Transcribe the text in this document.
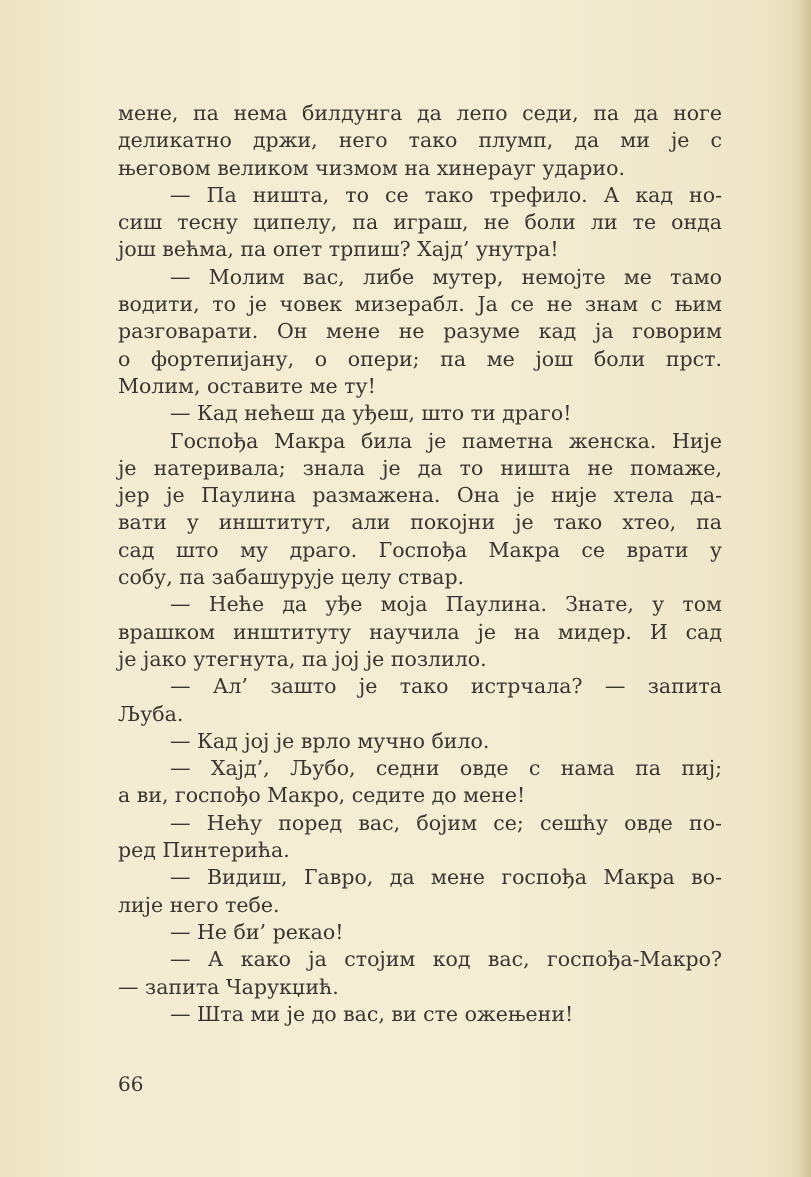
мене, па нема билдунга да лепо седи, па да ноге
деликатно држи, него тако плумп, да ми је с
његовом великом чизмом на хинерауг ударио.
— Па ништа, то се тако трефило. А кад но-
сиш тесну ципелу, па играш, не боли ли те онда
још већма, па опет трпиш? Хајд’ унутра!
— Молим вас, либе мутер, немојте ме тамо
водити, то је човек мизерабл. Ја се не знам с њим
разговарати. Он мене не разуме кад ја говорим
о фортепијану, о опери; па ме још боли прст.
Молим, оставите ме ту!
— Кад нећеш да уђеш, што ти драго!
Госпођа Макра била је паметна женска. Није
је натеривала; знала је да то ништа не помаже,
јер је Паулина размажена. Она је није хтела да-
вати у инштитут, али покојни је тако хтео, па
сад што му драго. Госпођа Макра се врати у
собу, па забашурује целу ствар.
— Неће да уђе моја Паулина. Знате, у том
врашком инштитуту научила је на мидер. И сад
је јако утегнута, па јој је позлило.
— Ал’ зашто је тако истрчала? — запита
Љуба.
— Кад јој је врло мучно било.
— Хајд’, Љубо, седни овде с нама па пиј;
а ви, госпођо Макро, седите до мене!
— Нећу поред вас, бојим се; сешћу овде по-
ред Пинтерића.
— Видиш, Гавро, да мене госпођа Макра во-
лије него тебе.
— Не би’ рекао!
— А како ја стојим код вас, госпођа-Макро?
— запита Чарукџић.
— Шта ми је до вас, ви сте ожењени!
66
